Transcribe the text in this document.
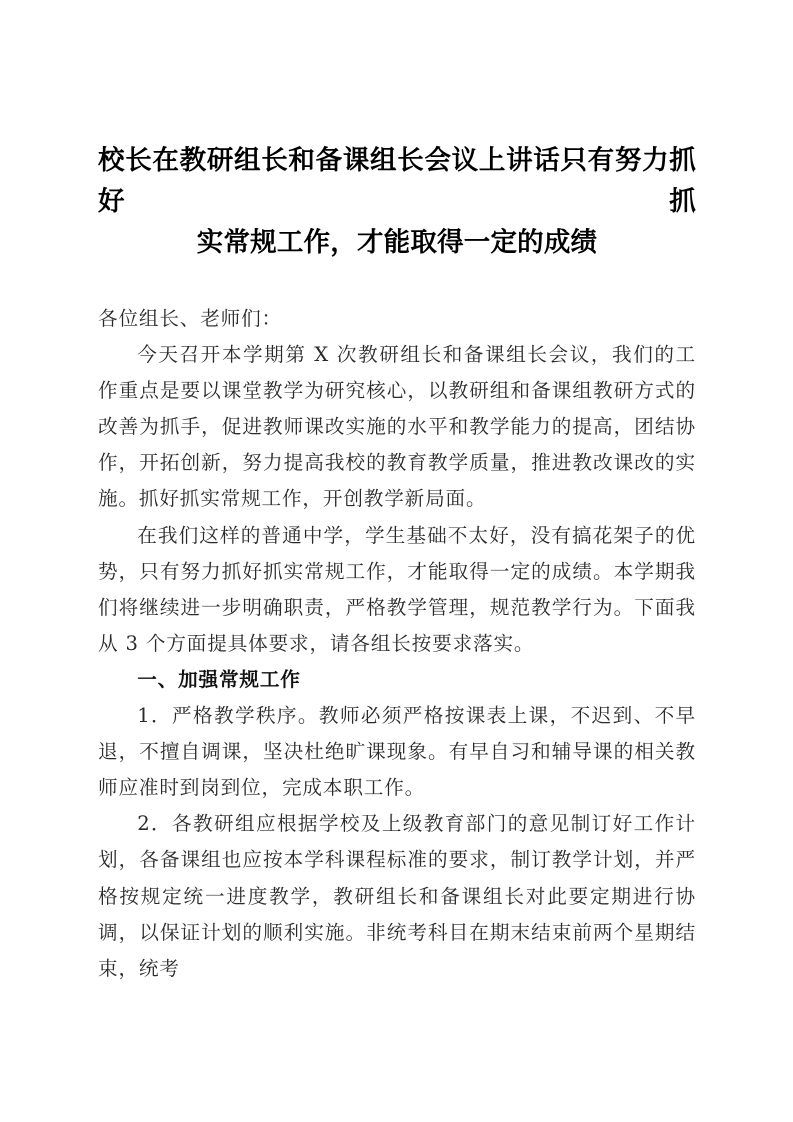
校长在教研组长和备课组长会议上讲话只有努力抓好抓
实常规工作，才能取得一定的成绩

各位组长、老师们：

今天召开本学期第 X 次教研组长和备课组长会议，我们的工作重点是要以课堂教学为研究核心，以教研组和备课组教研方式的改善为抓手，促进教师课改实施的水平和教学能力的提高，团结协作，开拓创新，努力提高我校的教育教学质量，推进教改课改的实施。抓好抓实常规工作，开创教学新局面。

在我们这样的普通中学，学生基础不太好，没有搞花架子的优势，只有努力抓好抓实常规工作，才能取得一定的成绩。本学期我们将继续进一步明确职责，严格教学管理，规范教学行为。下面我从 3 个方面提具体要求，请各组长按要求落实。

一、加强常规工作

1．严格教学秩序。教师必须严格按课表上课，不迟到、不早退，不擅自调课，坚决杜绝旷课现象。有早自习和辅导课的相关教师应准时到岗到位，完成本职工作。

2．各教研组应根据学校及上级教育部门的意见制订好工作计划，各备课组也应按本学科课程标准的要求，制订教学计划，并严格按规定统一进度教学，教研组长和备课组长对此要定期进行协调，以保证计划的顺利实施。非统考科目在期末结束前两个星期结束，统考
